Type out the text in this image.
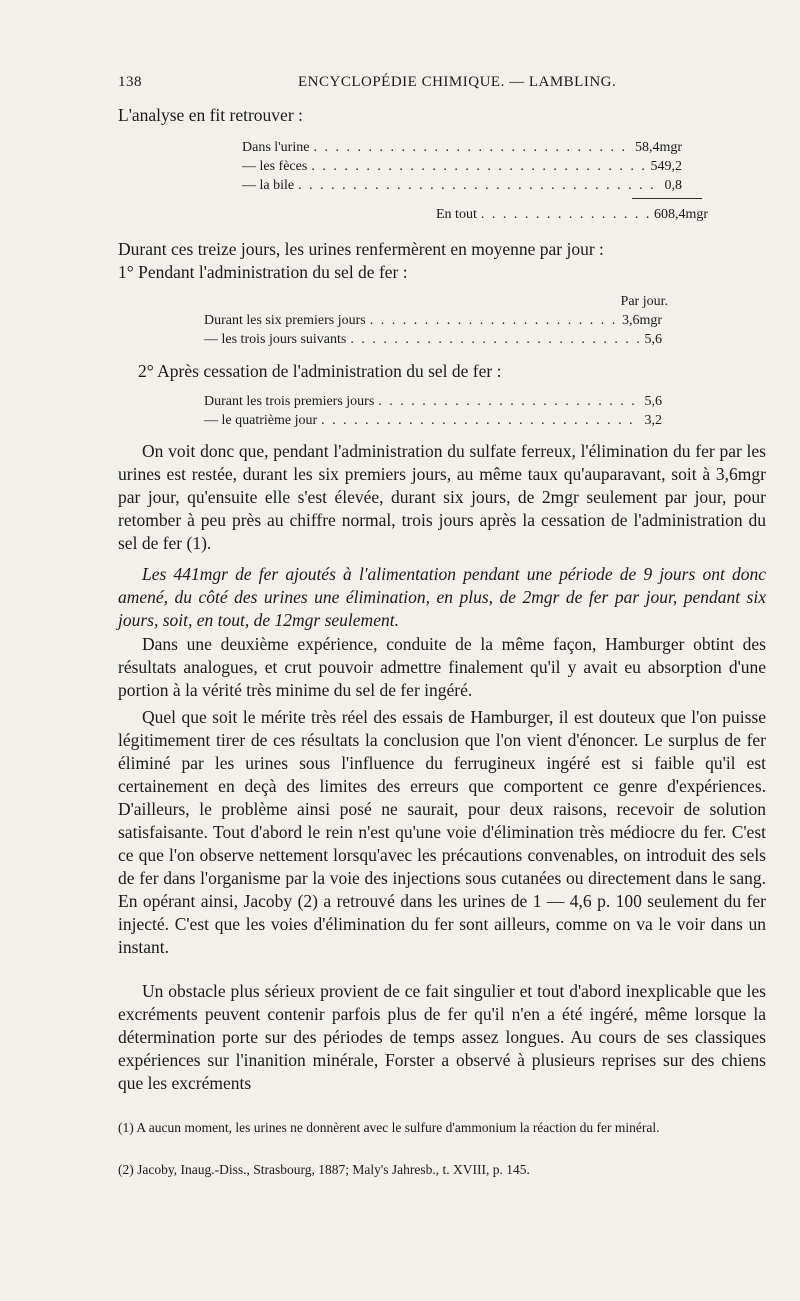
138	ENCYCLOPÉDIE CHIMIQUE. — LAMBLING.
L'analyse en fit retrouver :
Dans l'urine . . .	58,4mgr
— les fèces . . .	549,2
— la bile . . .	0,8
En tout . . .	608,4mgr
Durant ces treize jours, les urines renfermèrent en moyenne par jour :
1° Pendant l'administration du sel de fer :
Par jour.
Durant les six premiers jours . . .	3,6mgr
— les trois jours suivants . . .	5,6
2° Après cessation de l'administration du sel de fer :
Durant les trois premiers jours . . .	5,6
— le quatrième jour . . .	3,2
On voit donc que, pendant l'administration du sulfate ferreux, l'élimination du fer par les urines est restée, durant les six premiers jours, au même taux qu'auparavant, soit à 3,6mgr par jour, qu'ensuite elle s'est élevée, durant six jours, de 2mgr seulement par jour, pour retomber à peu près au chiffre normal, trois jours après la cessation de l'administration du sel de fer (1).
Les 441mgr de fer ajoutés à l'alimentation pendant une période de 9 jours ont donc amené, du côté des urines une élimination, en plus, de 2mgr de fer par jour, pendant six jours, soit, en tout, de 12mgr seulement.
Dans une deuxième expérience, conduite de la même façon, Hamburger obtint des résultats analogues, et crut pouvoir admettre finalement qu'il y avait eu absorption d'une portion à la vérité très minime du sel de fer ingéré.
Quel que soit le mérite très réel des essais de Hamburger, il est douteux que l'on puisse légitimement tirer de ces résultats la conclusion que l'on vient d'énoncer. Le surplus de fer éliminé par les urines sous l'influence du ferrugineux ingéré est si faible qu'il est certainement en deçà des limites des erreurs que comportent ce genre d'expériences. D'ailleurs, le problème ainsi posé ne saurait, pour deux raisons, recevoir de solution satisfaisante. Tout d'abord le rein n'est qu'une voie d'élimination très médiocre du fer. C'est ce que l'on observe nettement lorsqu'avec les précautions convenables, on introduit des sels de fer dans l'organisme par la voie des injections sous cutanées ou directement dans le sang. En opérant ainsi, Jacoby (2) a retrouvé dans les urines de 1 — 4,6 p. 100 seulement du fer injecté. C'est que les voies d'élimination du fer sont ailleurs, comme on va le voir dans un instant.
Un obstacle plus sérieux provient de ce fait singulier et tout d'abord inexplicable que les excréments peuvent contenir parfois plus de fer qu'il n'en a été ingéré, même lorsque la détermination porte sur des périodes de temps assez longues. Au cours de ses classiques expériences sur l'inanition minérale, Forster a observé à plusieurs reprises sur des chiens que les excréments
(1) A aucun moment, les urines ne donnèrent avec le sulfure d'ammonium la réaction du fer minéral.
(2) Jacoby, Inaug.-Diss., Strasbourg, 1887; Maly's Jahresb., t. XVIII, p. 145.
